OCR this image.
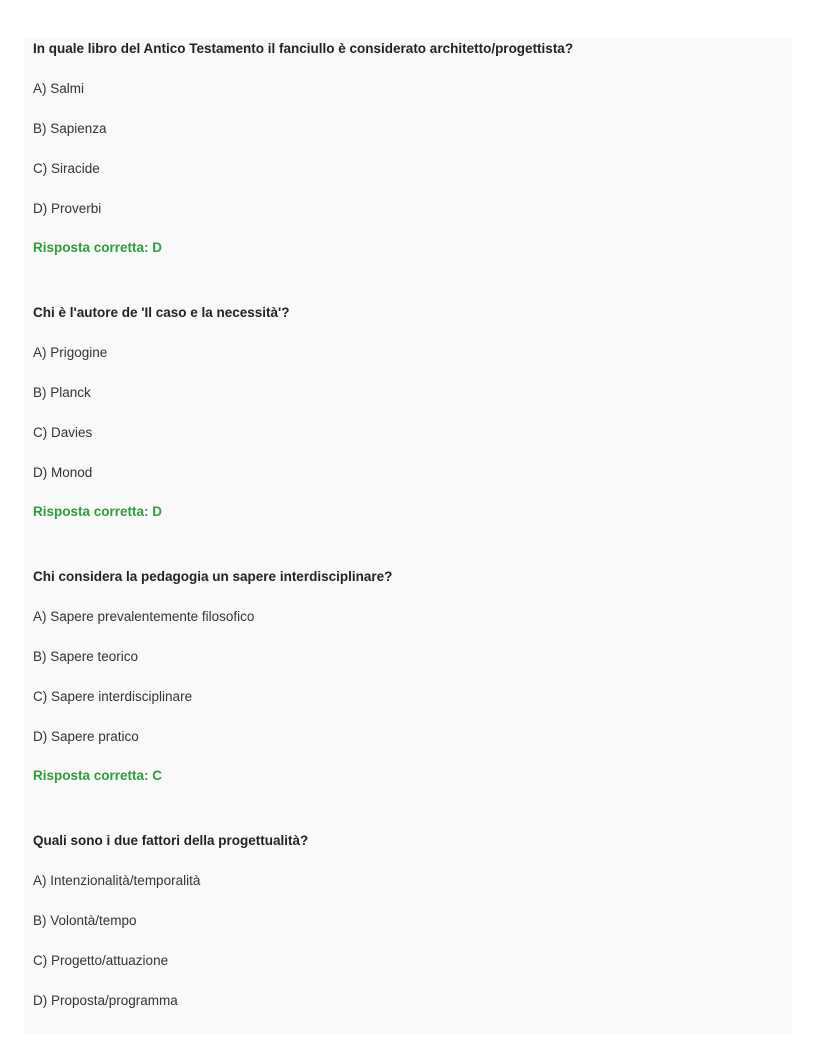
In quale libro del Antico Testamento il fanciullo è considerato architetto/progettista?
A) Salmi
B) Sapienza
C) Siracide
D) Proverbi
Risposta corretta: D
Chi è l'autore de 'Il caso e la necessità'?
A) Prigogine
B) Planck
C) Davies
D) Monod
Risposta corretta: D
Chi considera la pedagogia un sapere interdisciplinare?
A) Sapere prevalentemente filosofico
B) Sapere teorico
C) Sapere interdisciplinare
D) Sapere pratico
Risposta corretta: C
Quali sono i due fattori della progettualità?
A) Intenzionalità/temporalità
B) Volontà/tempo
C) Progetto/attuazione
D) Proposta/programma
